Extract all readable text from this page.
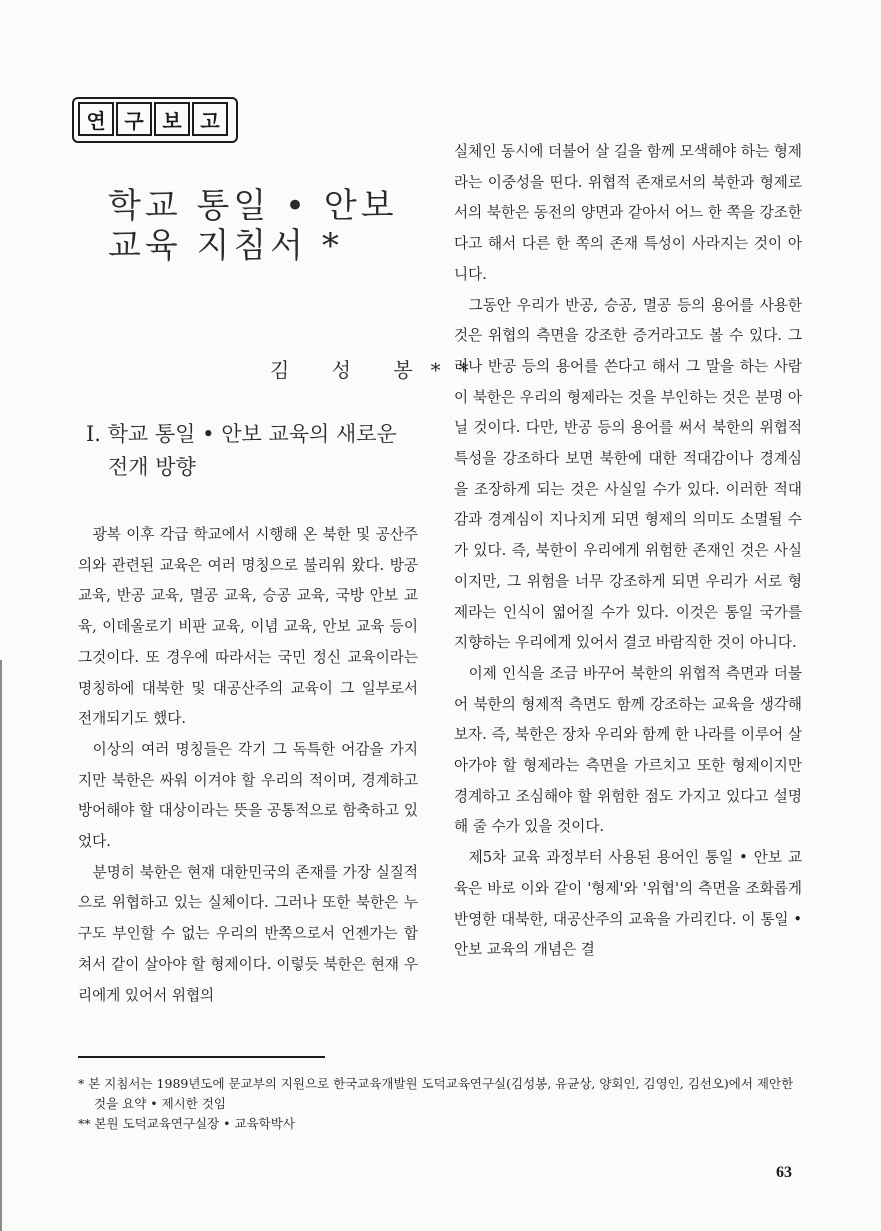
연 구 보 고
학교 통일 • 안보
교육 지침서 *
김 성 봉**
I. 학교 통일 • 안보 교육의 새로운
전개 방향

광복 이후 각급 학교에서 시행해 온 북한 및 공산주의와 관련된 교육은 여러 명칭으로 불리워 왔다. 방공 교육, 반공 교육, 멸공 교육, 승공 교육, 국방 안보 교육, 이데올로기 비판 교육, 이념 교육, 안보 교육 등이 그것이다. 또 경우에 따라서는 국민 정신 교육이라는 명칭하에 대북한 및 대공산주의 교육이 그 일부로서 전개되기도 했다.

이상의 여러 명칭들은 각기 그 독특한 어감을 가지지만 북한은 싸워 이겨야 할 우리의 적이며, 경계하고 방어해야 할 대상이라는 뜻을 공통적으로 함축하고 있었다.

분명히 북한은 현재 대한민국의 존재를 가장 실질적으로 위협하고 있는 실체이다. 그러나 또한 북한은 누구도 부인할 수 없는 우리의 반쪽으로서 언젠가는 합쳐서 같이 살아야 할 형제이다. 이렇듯 북한은 현재 우리에게 있어서 위협의

실체인 동시에 더불어 살 길을 함께 모색해야 하는 형제라는 이중성을 띤다. 위협적 존재로서의 북한과 형제로서의 북한은 동전의 양면과 같아서 어느 한 쪽을 강조한다고 해서 다른 한 쪽의 존재 특성이 사라지는 것이 아니다.

그동안 우리가 반공, 승공, 멸공 등의 용어를 사용한 것은 위협의 측면을 강조한 증거라고도 볼 수 있다. 그러나 반공 등의 용어를 쓴다고 해서 그 말을 하는 사람이 북한은 우리의 형제라는 것을 부인하는 것은 분명 아닐 것이다. 다만, 반공 등의 용어를 써서 북한의 위협적 특성을 강조하다 보면 북한에 대한 적대감이나 경계심을 조장하게 되는 것은 사실일 수가 있다. 이러한 적대감과 경계심이 지나치게 되면 형제의 의미도 소멸될 수가 있다. 즉, 북한이 우리에게 위험한 존재인 것은 사실이지만, 그 위험을 너무 강조하게 되면 우리가 서로 형제라는 인식이 엷어질 수가 있다. 이것은 통일 국가를 지향하는 우리에게 있어서 결코 바람직한 것이 아니다.

이제 인식을 조금 바꾸어 북한의 위협적 측면과 더불어 북한의 형제적 측면도 함께 강조하는 교육을 생각해 보자. 즉, 북한은 장차 우리와 함께 한 나라를 이루어 살아가야 할 형제라는 측면을 가르치고 또한 형제이지만 경계하고 조심해야 할 위험한 점도 가지고 있다고 설명해 줄 수가 있을 것이다.

제5차 교육 과정부터 사용된 용어인 통일 • 안보 교육은 바로 이와 같이 '형제'와 '위협'의 측면을 조화롭게 반영한 대북한, 대공산주의 교육을 가리킨다. 이 통일 • 안보 교육의 개념은 결

* 본 지침서는 1989년도에 문교부의 지원으로 한국교육개발원 도덕교육연구실(김성봉, 유균상, 양회인, 김영인, 김선오)에서 제안한 것을 요약 • 제시한 것임
** 본원 도덕교육연구실장 • 교육학박사
63
